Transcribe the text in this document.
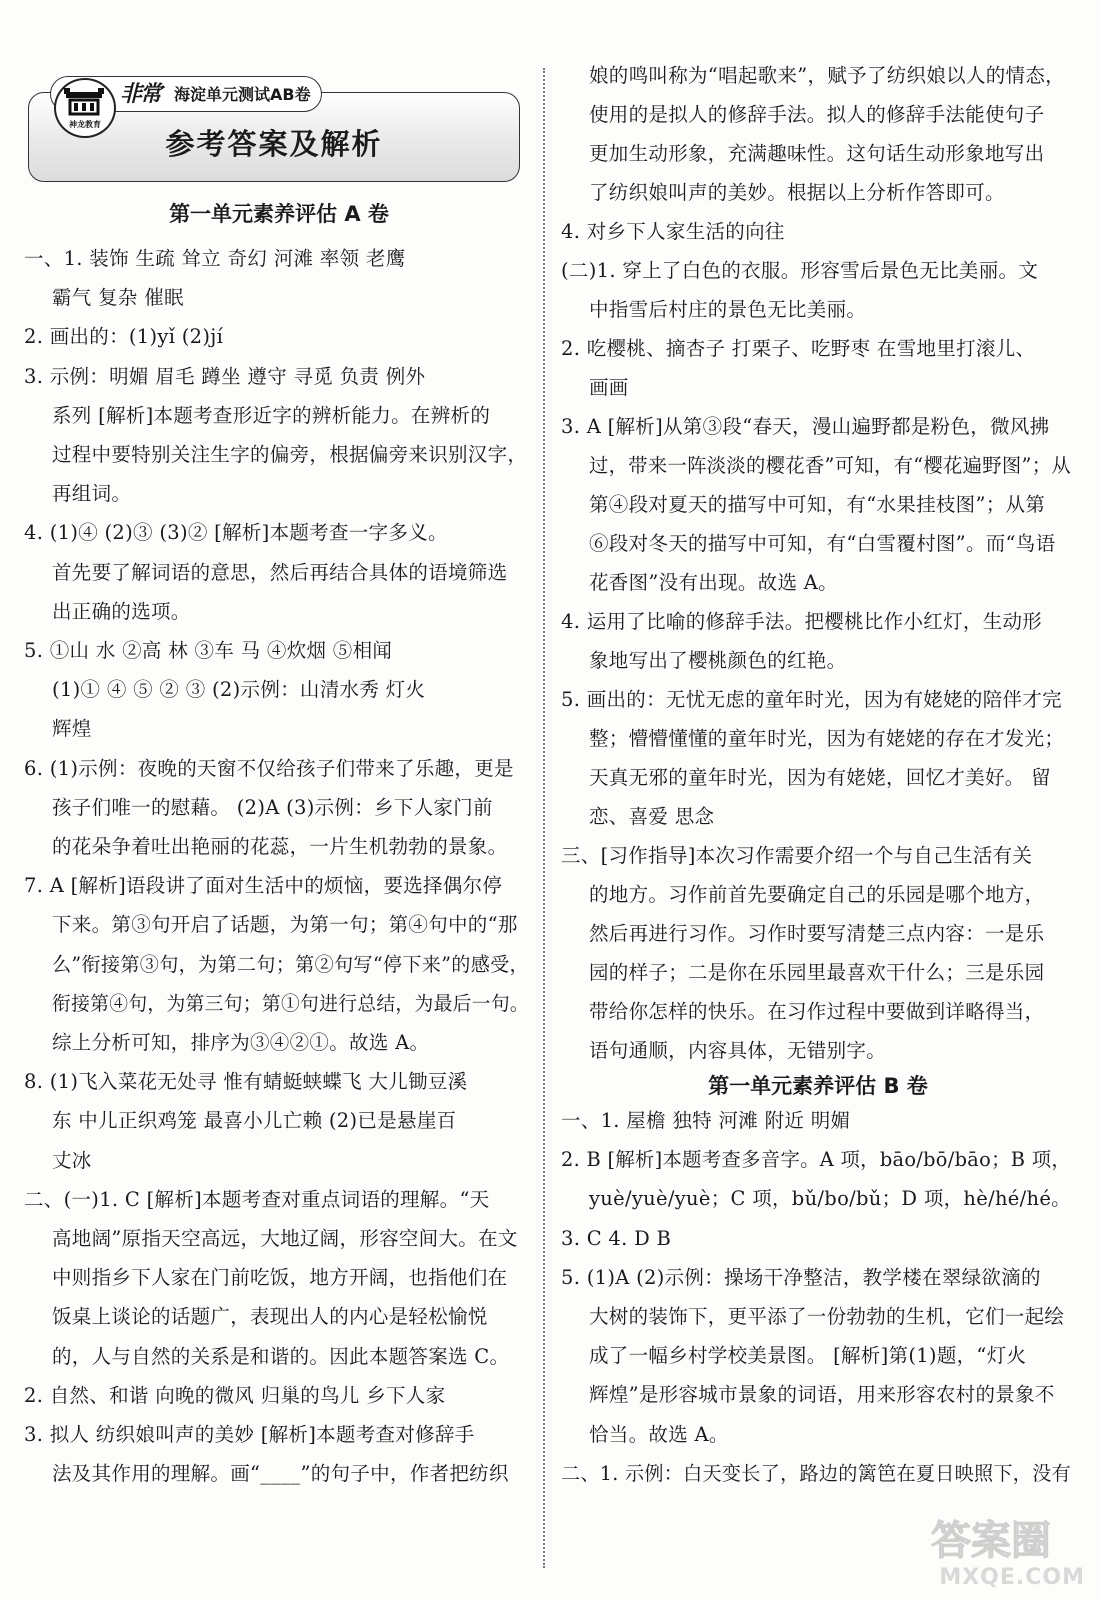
神龙教育
非常 海淀单元测试AB卷
参考答案及解析
第一单元素养评估 A 卷
一、1. 装饰 生疏 耸立 奇幻 河滩 率领 老鹰
霸气 复杂 催眠
2. 画出的：(1)yǐ (2)jí
3. 示例：明媚 眉毛 蹲坐 遵守 寻觅 负责 例外
系列 [解析]本题考查形近字的辨析能力。在辨析的
过程中要特别关注生字的偏旁，根据偏旁来识别汉字，
再组词。
4. (1)④ (2)③ (3)② [解析]本题考查一字多义。
首先要了解词语的意思，然后再结合具体的语境筛选
出正确的选项。
5. ①山 水 ②高 林 ③车 马 ④炊烟 ⑤相闻
(1)① ④ ⑤ ② ③ (2)示例：山清水秀 灯火
辉煌
6. (1)示例：夜晚的天窗不仅给孩子们带来了乐趣，更是
孩子们唯一的慰藉。 (2)A (3)示例：乡下人家门前
的花朵争着吐出艳丽的花蕊，一片生机勃勃的景象。
7. A [解析]语段讲了面对生活中的烦恼，要选择偶尔停
下来。第③句开启了话题，为第一句；第④句中的“那
么”衔接第③句，为第二句；第②句写“停下来”的感受，
衔接第④句，为第三句；第①句进行总结，为最后一句。
综上分析可知，排序为③④②①。故选 A。
8. (1)飞入菜花无处寻 惟有蜻蜓蛱蝶飞 大儿锄豆溪
东 中儿正织鸡笼 最喜小儿亡赖 (2)已是悬崖百
丈冰
二、(一)1. C [解析]本题考查对重点词语的理解。“天
高地阔”原指天空高远，大地辽阔，形容空间大。在文
中则指乡下人家在门前吃饭，地方开阔，也指他们在
饭桌上谈论的话题广，表现出人的内心是轻松愉悦
的，人与自然的关系是和谐的。因此本题答案选 C。
2. 自然、和谐 向晚的微风 归巢的鸟儿 乡下人家
3. 拟人 纺织娘叫声的美妙 [解析]本题考查对修辞手
法及其作用的理解。画“____”的句子中，作者把纺织
娘的鸣叫称为“唱起歌来”，赋予了纺织娘以人的情态，
使用的是拟人的修辞手法。拟人的修辞手法能使句子
更加生动形象，充满趣味性。这句话生动形象地写出
了纺织娘叫声的美妙。根据以上分析作答即可。
4. 对乡下人家生活的向往
(二)1. 穿上了白色的衣服。形容雪后景色无比美丽。文
中指雪后村庄的景色无比美丽。
2. 吃樱桃、摘杏子 打栗子、吃野枣 在雪地里打滚儿、
画画
3. A [解析]从第③段“春天，漫山遍野都是粉色，微风拂
过，带来一阵淡淡的樱花香”可知，有“樱花遍野图”；从
第④段对夏天的描写中可知，有“水果挂枝图”；从第
⑥段对冬天的描写中可知，有“白雪覆村图”。而“鸟语
花香图”没有出现。故选 A。
4. 运用了比喻的修辞手法。把樱桃比作小红灯，生动形
象地写出了樱桃颜色的红艳。
5. 画出的：无忧无虑的童年时光，因为有姥姥的陪伴才完
整；懵懵懂懂的童年时光，因为有姥姥的存在才发光；
天真无邪的童年时光，因为有姥姥，回忆才美好。 留
恋、喜爱 思念
三、[习作指导]本次习作需要介绍一个与自己生活有关
的地方。习作前首先要确定自己的乐园是哪个地方，
然后再进行习作。习作时要写清楚三点内容：一是乐
园的样子；二是你在乐园里最喜欢干什么；三是乐园
带给你怎样的快乐。在习作过程中要做到详略得当，
语句通顺，内容具体，无错别字。
第一单元素养评估 B 卷
一、1. 屋檐 独特 河滩 附近 明媚
2. B [解析]本题考查多音字。A 项，bāo/bō/bāo；B 项，
yuè/yuè/yuè；C 项，bǔ/bo/bǔ；D 项，hè/hé/hé。
3. C 4. D B
5. (1)A (2)示例：操场干净整洁，教学楼在翠绿欲滴的
大树的装饰下，更平添了一份勃勃的生机，它们一起绘
成了一幅乡村学校美景图。 [解析]第(1)题，“灯火
辉煌”是形容城市景象的词语，用来形容农村的景象不
恰当。故选 A。
二、1. 示例：白天变长了，路边的篱笆在夏日映照下，没有
答案圈
MXQE.COM
